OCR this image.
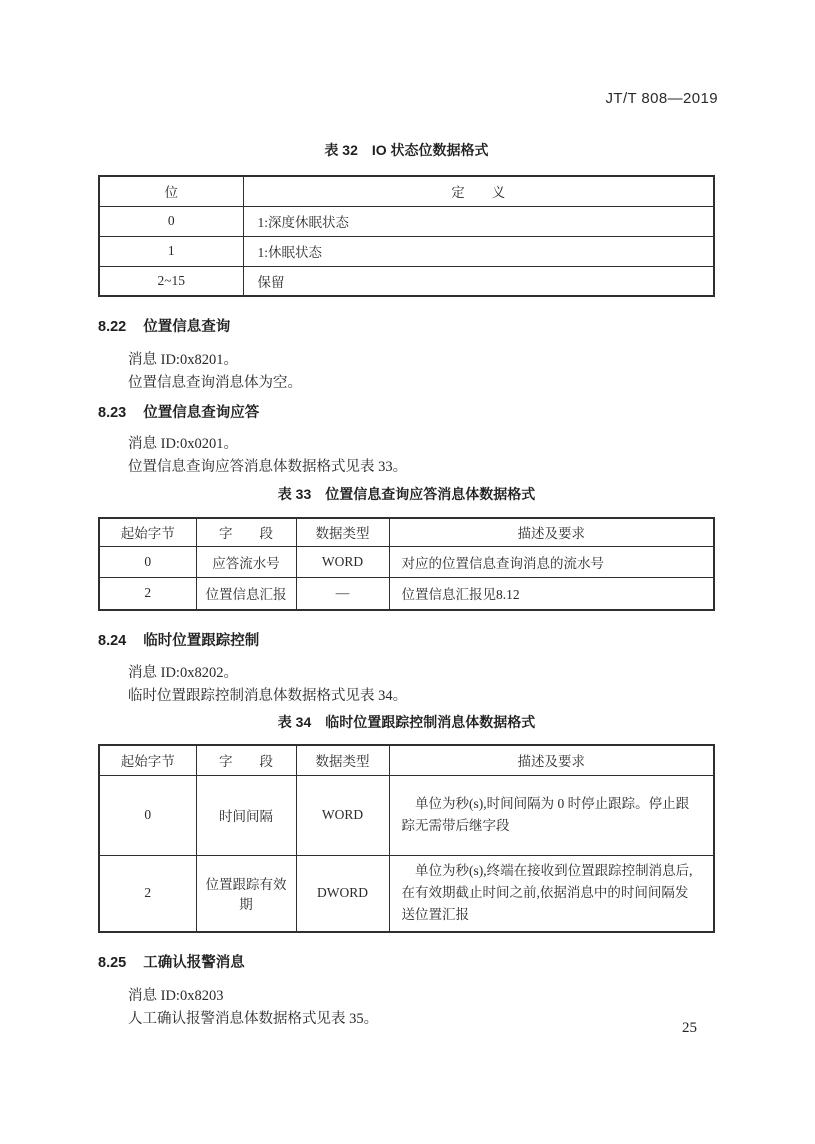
JT/T 808—2019
表 32　IO 状态位数据格式
位	定　　义
0	1:深度休眠状态
1	1:休眠状态
2~15	保留
8.22 位置信息查询
消息 ID:0x8201。
位置信息查询消息体为空。
8.23 位置信息查询应答
消息 ID:0x0201。
位置信息查询应答消息体数据格式见表 33。
表 33　位置信息查询应答消息体数据格式
起始字节	字　　段	数据类型	描述及要求
0	应答流水号	WORD	对应的位置信息查询消息的流水号
2	位置信息汇报	—	位置信息汇报见8.12
8.24 临时位置跟踪控制
消息 ID:0x8202。
临时位置跟踪控制消息体数据格式见表 34。
表 34　临时位置跟踪控制消息体数据格式
起始字节	字　　段	数据类型	描述及要求
0	时间间隔	WORD	单位为秒(s),时间间隔为 0 时停止跟踪。停止跟踪无需带后继字段

2	位置跟踪有效期	DWORD	单位为秒(s),终端在接收到位置跟踪控制消息后,在有效期截止时间之前,依据消息中的时间间隔发送位置汇报
8.25 工确认报警消息
消息 ID:0x8203
人工确认报警消息体数据格式见表 35。
25
